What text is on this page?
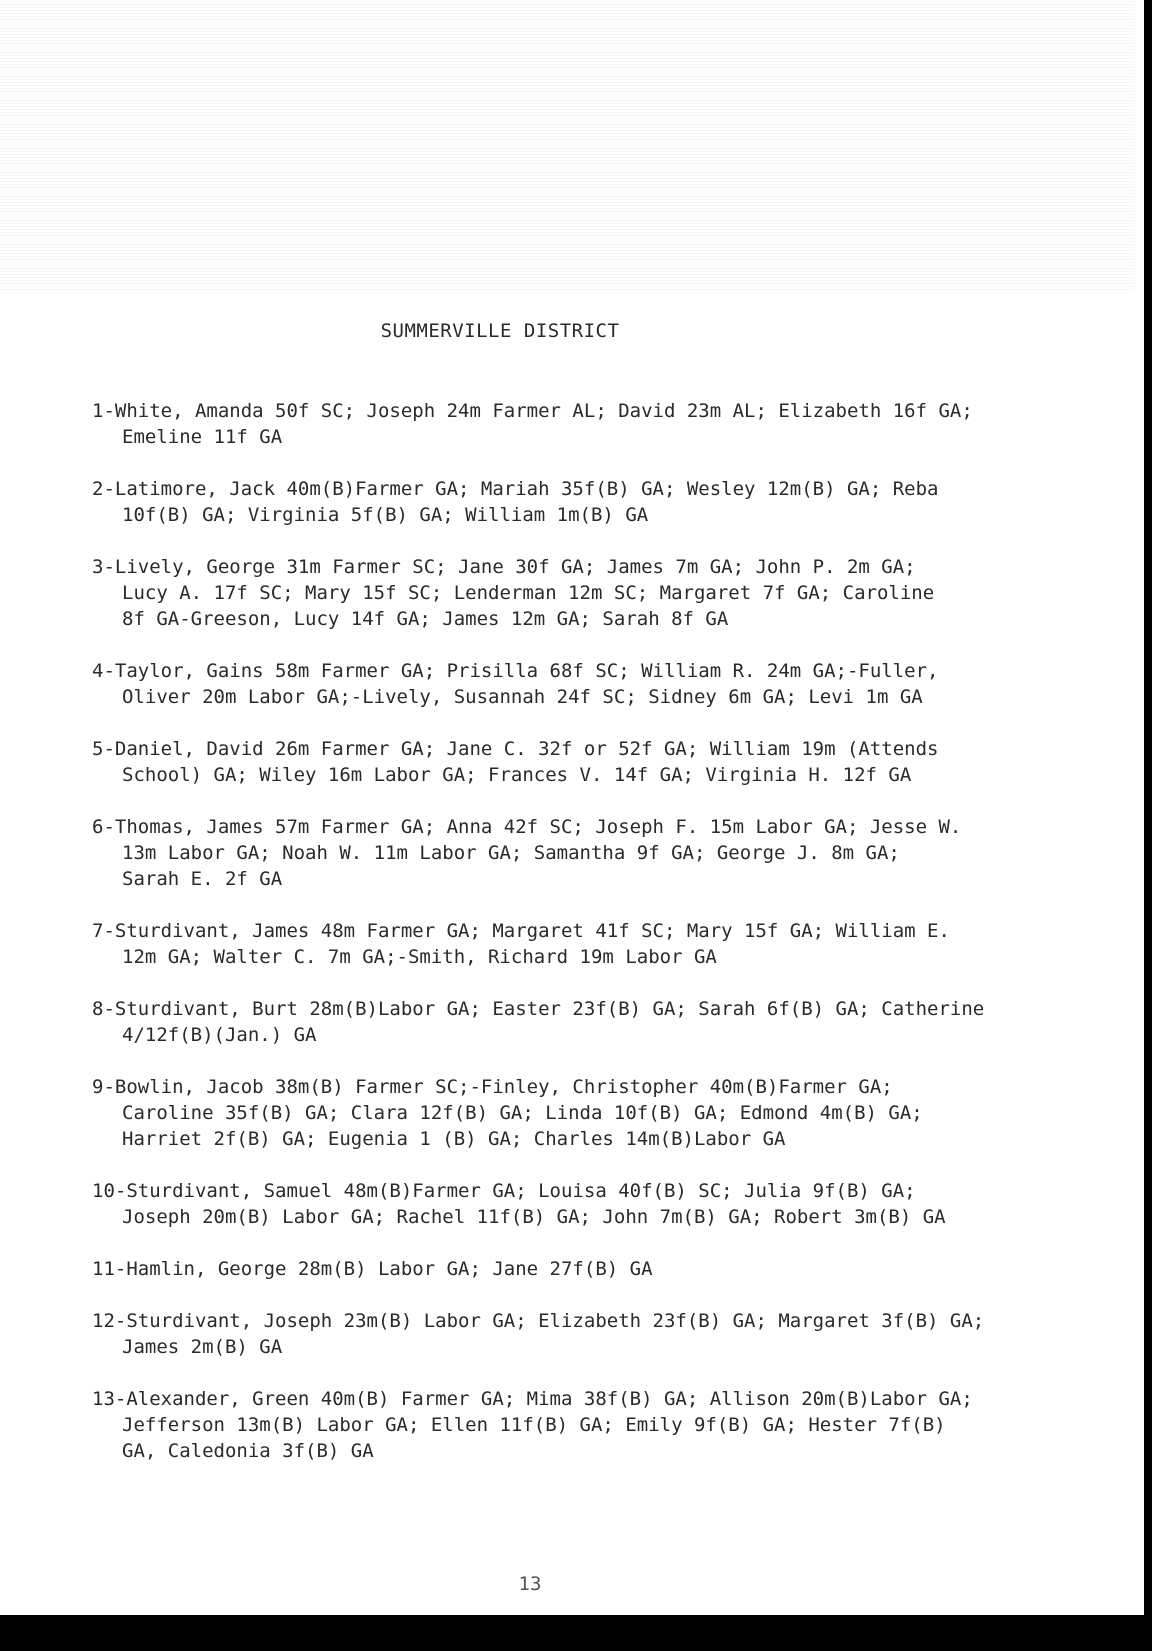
SUMMERVILLE DISTRICT
1-White, Amanda 50f SC; Joseph 24m Farmer AL; David 23m AL; Elizabeth 16f GA;
Emeline 11f GA
2-Latimore, Jack 40m(B)Farmer GA; Mariah 35f(B) GA; Wesley 12m(B) GA; Reba
10f(B) GA; Virginia 5f(B) GA; William 1m(B) GA
3-Lively, George 31m Farmer SC; Jane 30f GA; James 7m GA; John P. 2m GA;
Lucy A. 17f SC; Mary 15f SC; Lenderman 12m SC; Margaret 7f GA; Caroline
8f GA-Greeson, Lucy 14f GA; James 12m GA; Sarah 8f GA
4-Taylor, Gains 58m Farmer GA; Prisilla 68f SC; William R. 24m GA;-Fuller,
Oliver 20m Labor GA;-Lively, Susannah 24f SC; Sidney 6m GA; Levi 1m GA
5-Daniel, David 26m Farmer GA; Jane C. 32f or 52f GA; William 19m (Attends
School) GA; Wiley 16m Labor GA; Frances V. 14f GA; Virginia H. 12f GA
6-Thomas, James 57m Farmer GA; Anna 42f SC; Joseph F. 15m Labor GA; Jesse W.
13m Labor GA; Noah W. 11m Labor GA; Samantha 9f GA; George J. 8m GA;
Sarah E. 2f GA
7-Sturdivant, James 48m Farmer GA; Margaret 41f SC; Mary 15f GA; William E.
12m GA; Walter C. 7m GA;-Smith, Richard 19m Labor GA
8-Sturdivant, Burt 28m(B)Labor GA; Easter 23f(B) GA; Sarah 6f(B) GA; Catherine
4/12f(B)(Jan.) GA
9-Bowlin, Jacob 38m(B) Farmer SC;-Finley, Christopher 40m(B)Farmer GA;
Caroline 35f(B) GA; Clara 12f(B) GA; Linda 10f(B) GA; Edmond 4m(B) GA;
Harriet 2f(B) GA; Eugenia 1 (B) GA; Charles 14m(B)Labor GA
10-Sturdivant, Samuel 48m(B)Farmer GA; Louisa 40f(B) SC; Julia 9f(B) GA;
Joseph 20m(B) Labor GA; Rachel 11f(B) GA; John 7m(B) GA; Robert 3m(B) GA
11-Hamlin, George 28m(B) Labor GA; Jane 27f(B) GA
12-Sturdivant, Joseph 23m(B) Labor GA; Elizabeth 23f(B) GA; Margaret 3f(B) GA;
James 2m(B) GA
13-Alexander, Green 40m(B) Farmer GA; Mima 38f(B) GA; Allison 20m(B)Labor GA;
Jefferson 13m(B) Labor GA; Ellen 11f(B) GA; Emily 9f(B) GA; Hester 7f(B)
GA, Caledonia 3f(B) GA
13
